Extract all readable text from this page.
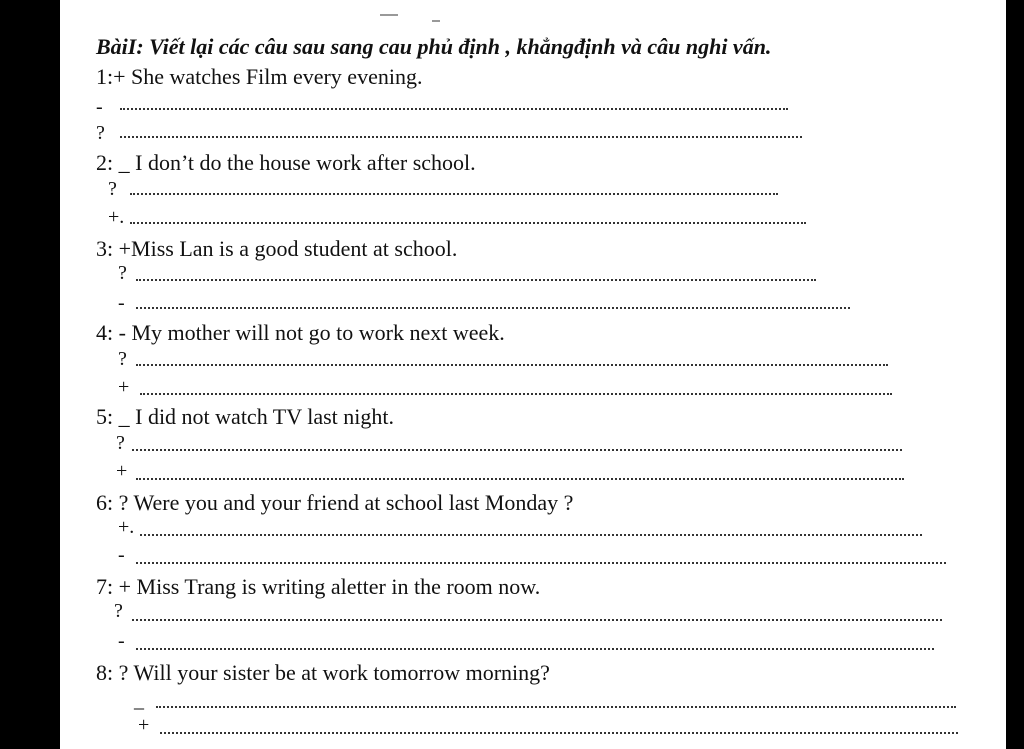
BàiI: Viết lại các câu sau sang cau phủ định , khẳngđịnh và câu nghi vấn.
1:+ She watches Film every evening.
-
?
2: _ I don’t do the house work after school.
?
+.
3: +Miss Lan is a good student at school.
?
-
4: - My mother will not go to work next week.
?
+
5: _ I did not watch TV last night.
?
+
6: ? Were you and your friend at school last Monday ?
+.
-
7: + Miss Trang is writing aletter in the room now.
?
-
8: ? Will your sister be at work tomorrow morning?
_
+
